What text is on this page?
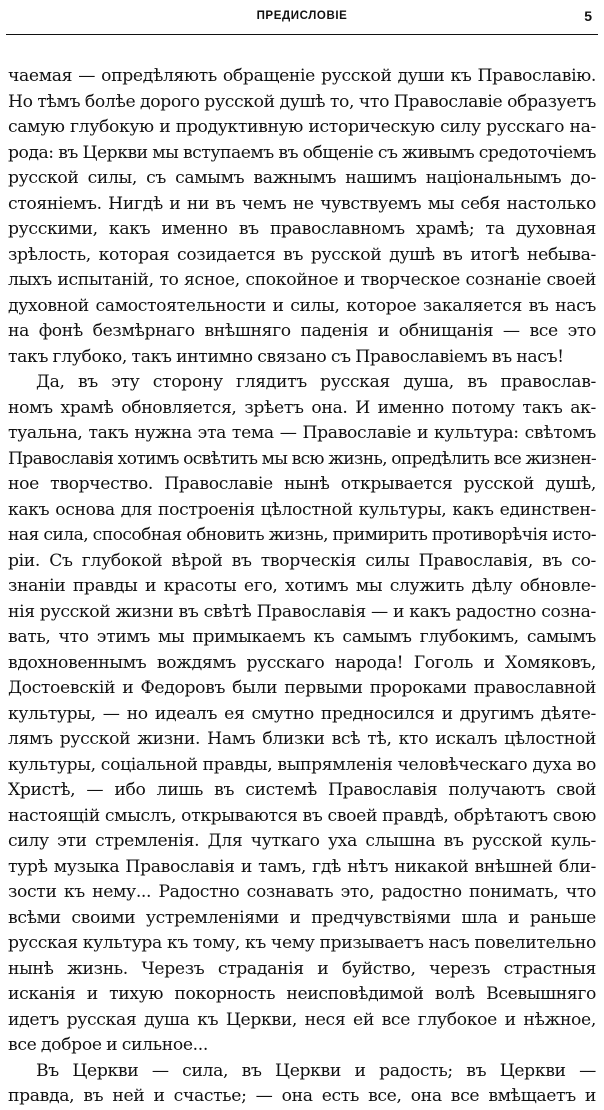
ПРЕДИСЛОВІЕ	5
чаемая — опредѣляють обращеніе русской души къ Православію.
Но тѣмъ болѣе дорого русской душѣ то, что Православіе образуетъ
самую глубокую и продуктивную историческую силу русскаго на-
рода: въ Церкви мы вступаемъ въ общеніе съ живымъ средоточіемъ
русской силы, съ самымъ важнымъ нашимъ національнымъ до-
стояніемъ. Нигдѣ и ни въ чемъ не чувствуемъ мы себя настолько
русскими, какъ именно въ православномъ храмѣ; та духовная
зрѣлость, которая созидается въ русской душѣ въ итогѣ небыва-
лыхъ испытаній, то ясное, спокойное и творческое сознаніе своей
духовной самостоятельности и силы, которое закаляется въ насъ
на фонѣ безмѣрнаго внѣшняго паденія и обнищанія — все это
такъ глубоко, такъ интимно связано съ Православіемъ въ насъ!
Да, въ эту сторону глядитъ русская душа, въ православ-
номъ храмѣ обновляется, зрѣетъ она. И именно потому такъ ак-
туальна, такъ нужна эта тема — Православіе и культура: свѣтомъ
Православія хотимъ освѣтить мы всю жизнь, опредѣлить все жизнен-
ное творчество. Православіе нынѣ открывается русской душѣ,
какъ основа для построенія цѣлостной культуры, какъ единствен-
ная сила, способная обновить жизнь, примирить противорѣчія исто-
ріи. Съ глубокой вѣрой въ творческія силы Православія, въ со-
знаніи правды и красоты его, хотимъ мы служить дѣлу обновле-
нія русской жизни въ свѣтѣ Православія — и какъ радостно сознa-
вать, что этимъ мы примыкаемъ къ самымъ глубокимъ, самымъ
вдохновеннымъ вождямъ русскаго народа! Гоголь и Хомяковъ,
Достоевскій и Федоровъ были первыми пророками православной
культуры, — но идеалъ ея смутно предносился и другимъ дѣяте-
лямъ русской жизни. Намъ близки всѣ тѣ, кто искалъ цѣлостной
культуры, соціальной правды, выпрямленія человѣческаго духа во
Христѣ, — ибо лишь въ системѣ Православія получаютъ свой
настоящій смыслъ, открываются въ своей правдѣ, обрѣтаютъ свою
силу эти стремленія. Для чуткаго уха слышна въ русской куль-
турѣ музыка Православія и тамъ, гдѣ нѣтъ никакой внѣшней бли-
зости къ нему... Радостно сознавать это, радостно понимать, что
всѣми своими устремленіями и предчувствіями шла и раньше
русская культура къ тому, къ чему призываетъ насъ повелительно
нынѣ жизнь. Черезъ страданія и буйство, черезъ страстныя
исканія и тихую покорность неисповѣдимой волѣ Всевышняго
идетъ русская душа къ Церкви, неся ей все глубокое и нѣжное,
все доброе и сильное...
Въ Церкви — сила, въ Церкви и радость; въ Церкви —
правда, въ ней и счастье; — она есть все, она все вмѣщаетъ и
